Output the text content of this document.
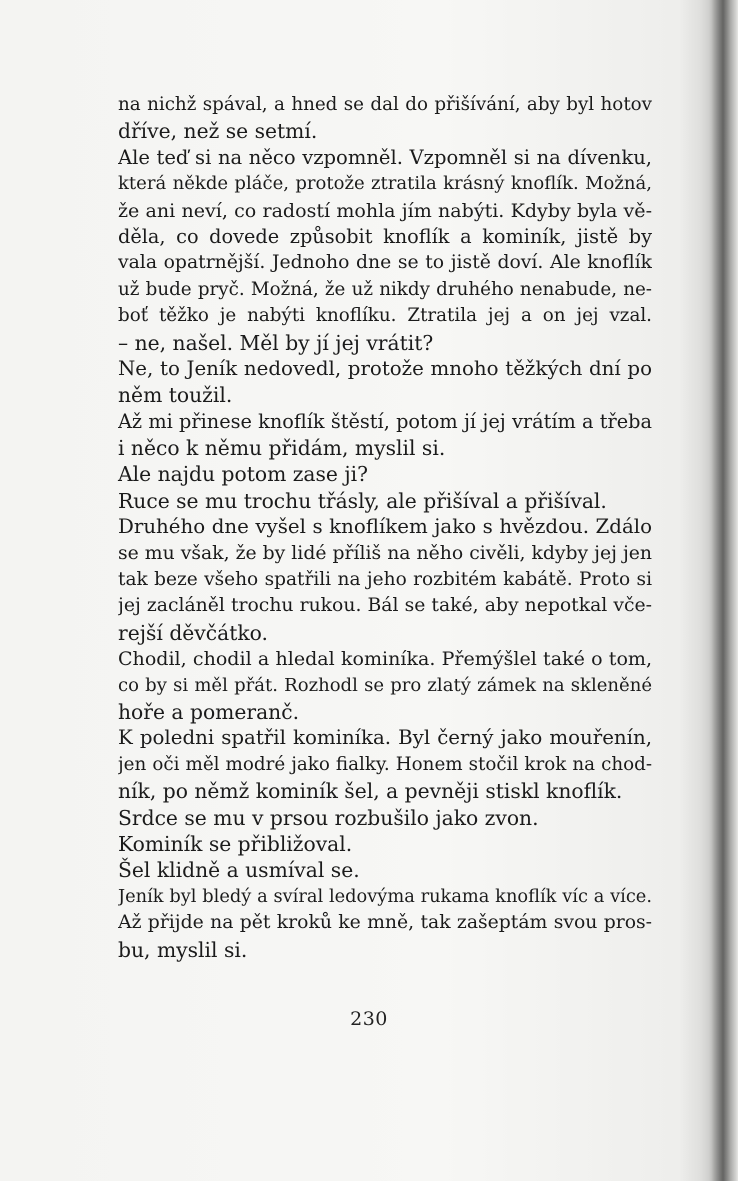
na nichž spával, a hned se dal do přišívání, aby byl hotov
dříve, než se setmí.
Ale teď si na něco vzpomněl. Vzpomněl si na dívenku,
která někde pláče, protože ztratila krásný knoflík. Možná,
že ani neví, co radostí mohla jím nabýti. Kdyby byla vě-
děla, co dovede způsobit knoflík a kominík, jistě by
vala opatrnější. Jednoho dne se to jistě doví. Ale knoflík
už bude pryč. Možná, že už nikdy druhého nenabude, ne-
boť těžko je nabýti knoflíku. Ztratila jej a on jej vzal.
– ne, našel. Měl by jí jej vrátit?
Ne, to Jeník nedovedl, protože mnoho těžkých dní po
něm toužil.
Až mi přinese knoflík štěstí, potom jí jej vrátím a třeba
i něco k němu přidám, myslil si.
Ale najdu potom zase ji?
Ruce se mu trochu třásly, ale přišíval a přišíval.
Druhého dne vyšel s knoflíkem jako s hvězdou. Zdálo
se mu však, že by lidé příliš na něho civěli, kdyby jej jen
tak beze všeho spatřili na jeho rozbitém kabátě. Proto si
jej zacláněl trochu rukou. Bál se také, aby nepotkal vče-
rejší děvčátko.
Chodil, chodil a hledal kominíka. Přemýšlel také o tom,
co by si měl přát. Rozhodl se pro zlatý zámek na skleněné
hoře a pomeranč.
K poledni spatřil kominíka. Byl černý jako mouřenín,
jen oči měl modré jako fialky. Honem stočil krok na chod-
ník, po němž kominík šel, a pevněji stiskl knoflík.
Srdce se mu v prsou rozbušilo jako zvon.
Kominík se přibližoval.
Šel klidně a usmíval se.
Jeník byl bledý a svíral ledovýma rukama knoflík víc a více.
Až přijde na pět kroků ke mně, tak zašeptám svou pros-
bu, myslil si.
230
